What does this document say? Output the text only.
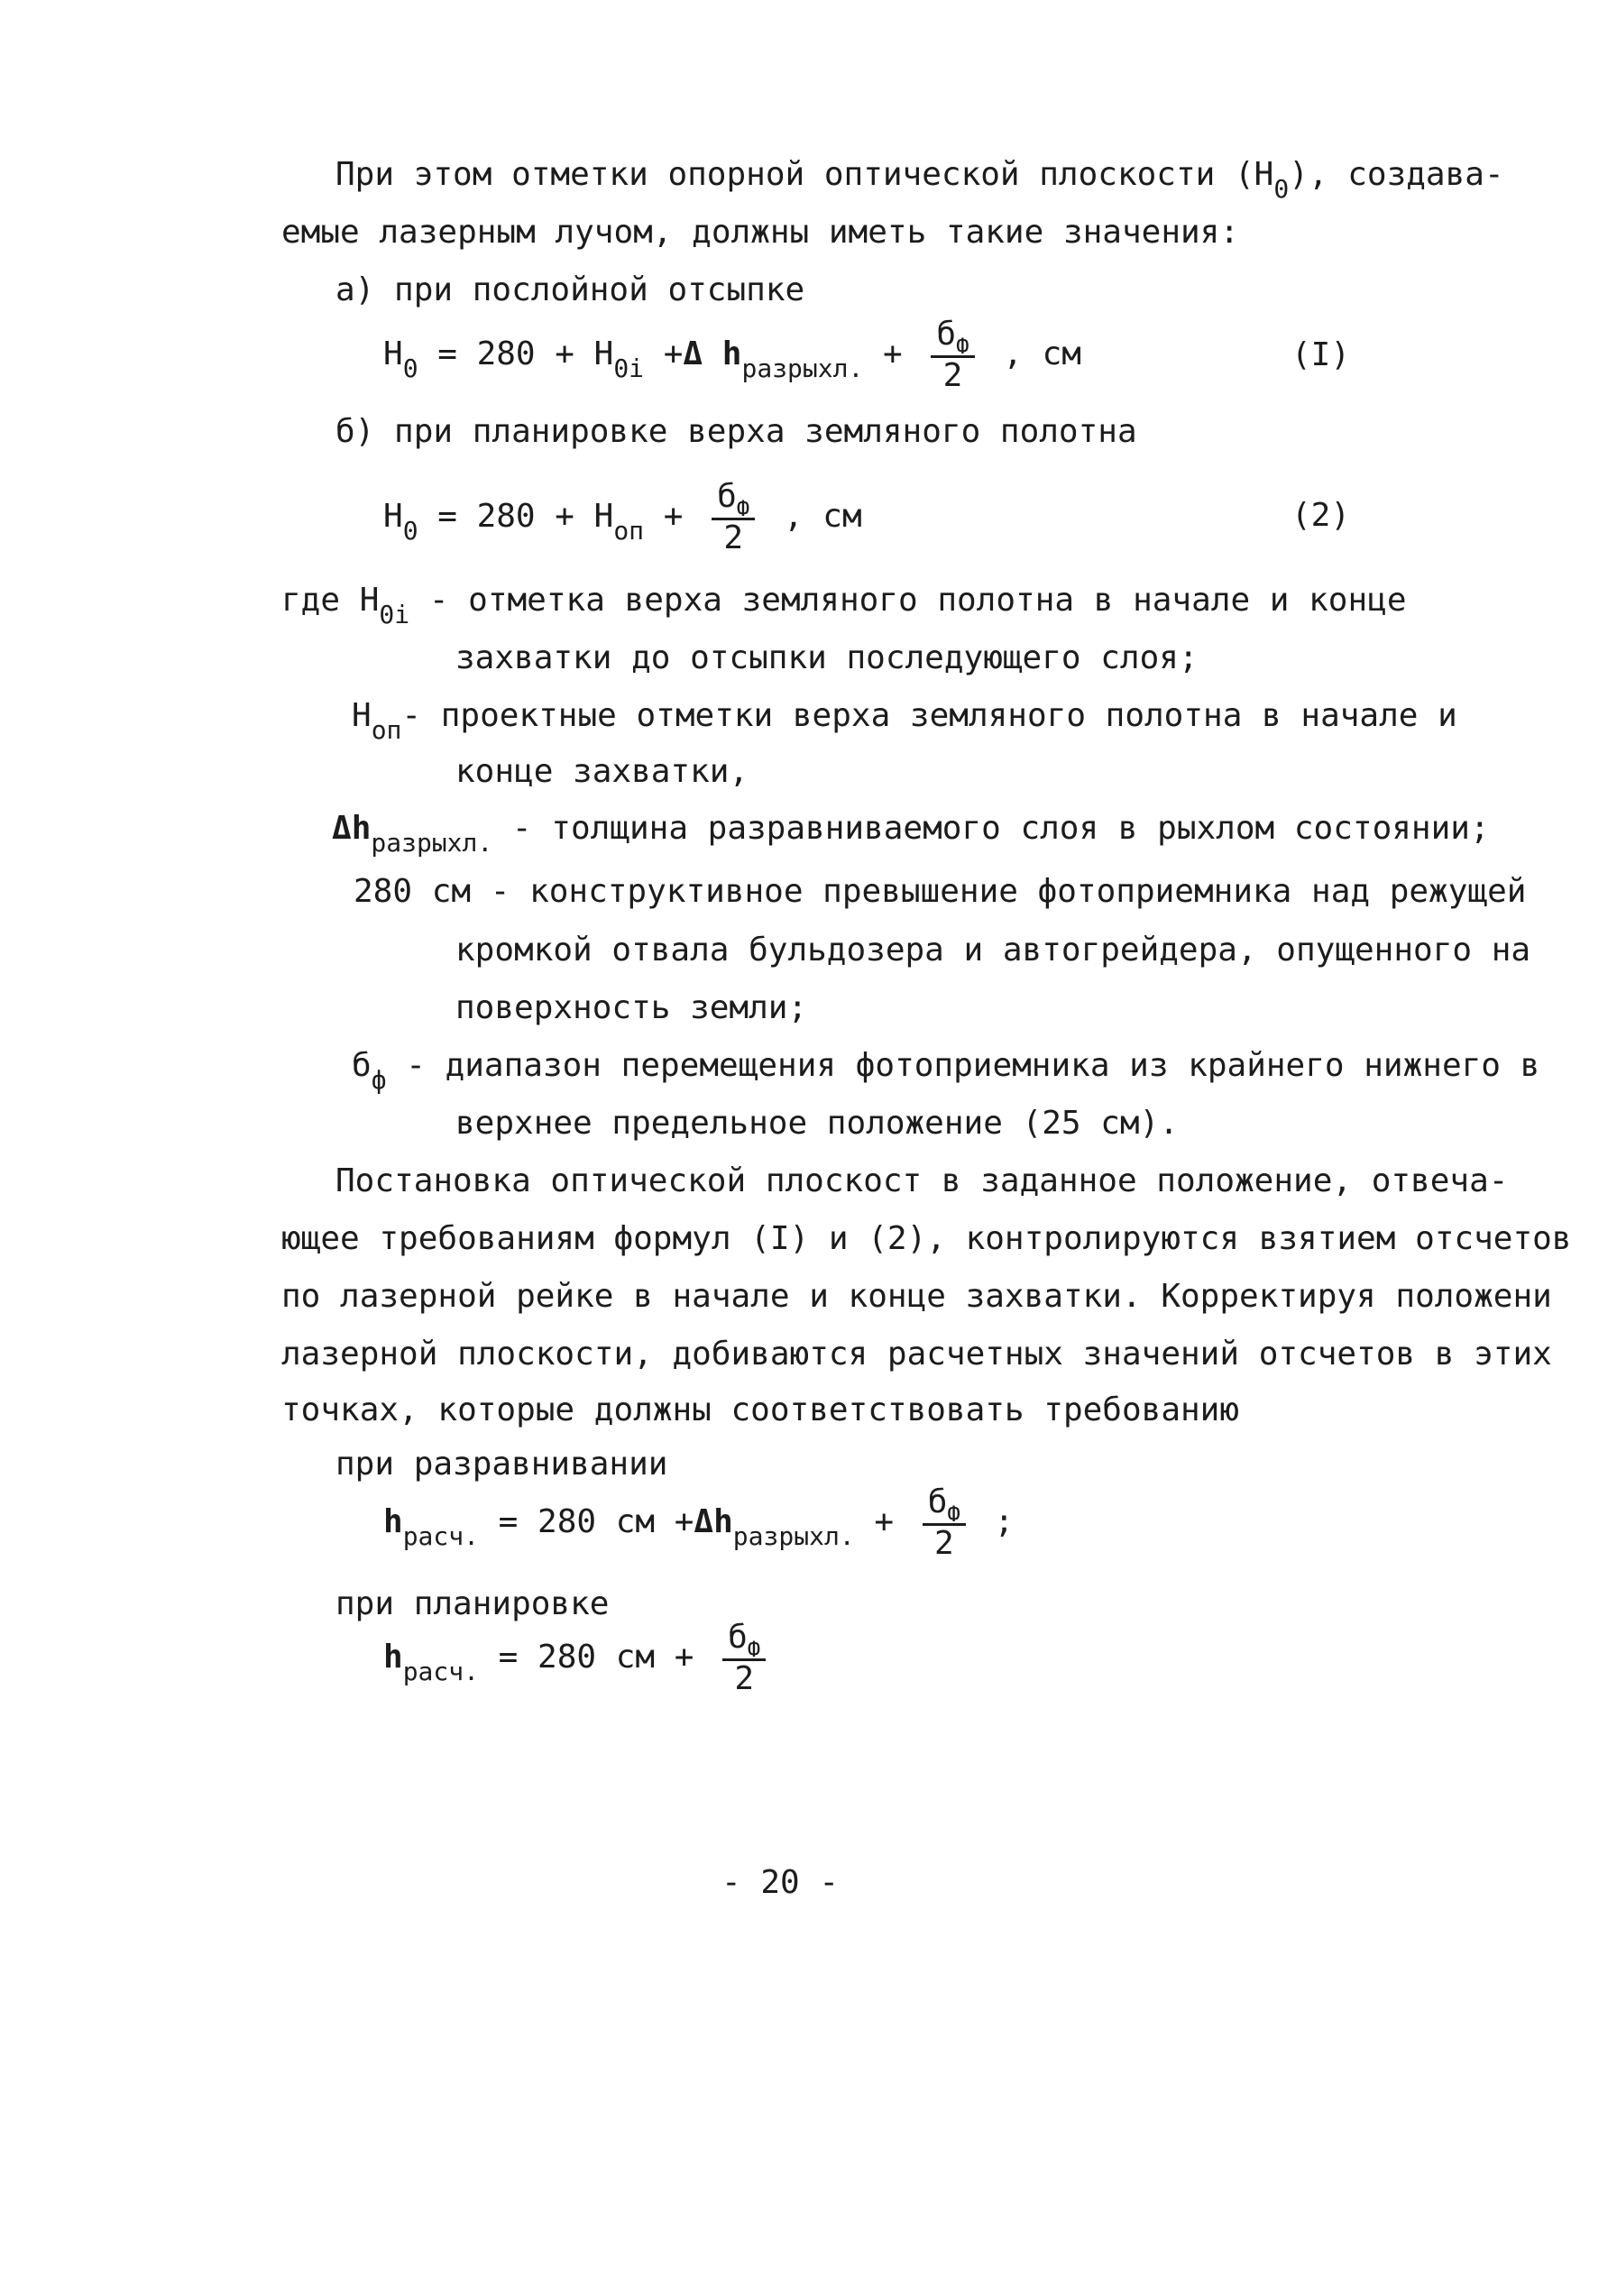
При этом отметки опорной оптической плоскости $(Н_0)$, создава-
емые лазерным лучом, должны иметь такие значения:
а) при послойной отсыпке
$Н_0 = 280 + Н_{0i} +\Delta$ $h_{разрыхл.} + \frac{б_Ф}{2}$ , см	(I)
б) при планировке верха земляного полотна
$Н_0 = 280 + Н_{оп} + \frac{б_Ф}{2}$ , см	(2)
где $Н_{0i}$ - отметка верха земляного полотна в начале и конце
захватки до отсыпки последующего слоя;
$Н_{оп}-$ проектные отметки верха земляного полотна в начале и
конце захватки,
$\Delta h_{разрыхл.}$ - толщина разравниваемого слоя в рыхлом состоянии;
280 см - конструктивное превышение фотоприемника над режущей
кромкой отвала бульдозера и автогрейдера, опущенного на
поверхность земли;
$б_ф$ - диапазон перемещения фотоприемника из крайнего нижнего в
верхнее предельное положение (25 см).
Постановка оптической плоскост в заданное положение, отвеча-
ющее требованиям формул (I) и (2), контролируются взятием отсчетов
по лазерной рейке в начале и конце захватки. Корректируя положени
лазерной плоскости, добиваются расчетных значений отсчетов в этих
точках, которые должны соответствовать требованию
при разравнивании
$h_{расч.} = 280$ см $+\Delta h_{разрыхл.} + \frac{б_Ф}{2}$ ;
при планировке
$h_{расч.} = 280$ см + $\frac{б_Ф}{2}$
- 20 -
